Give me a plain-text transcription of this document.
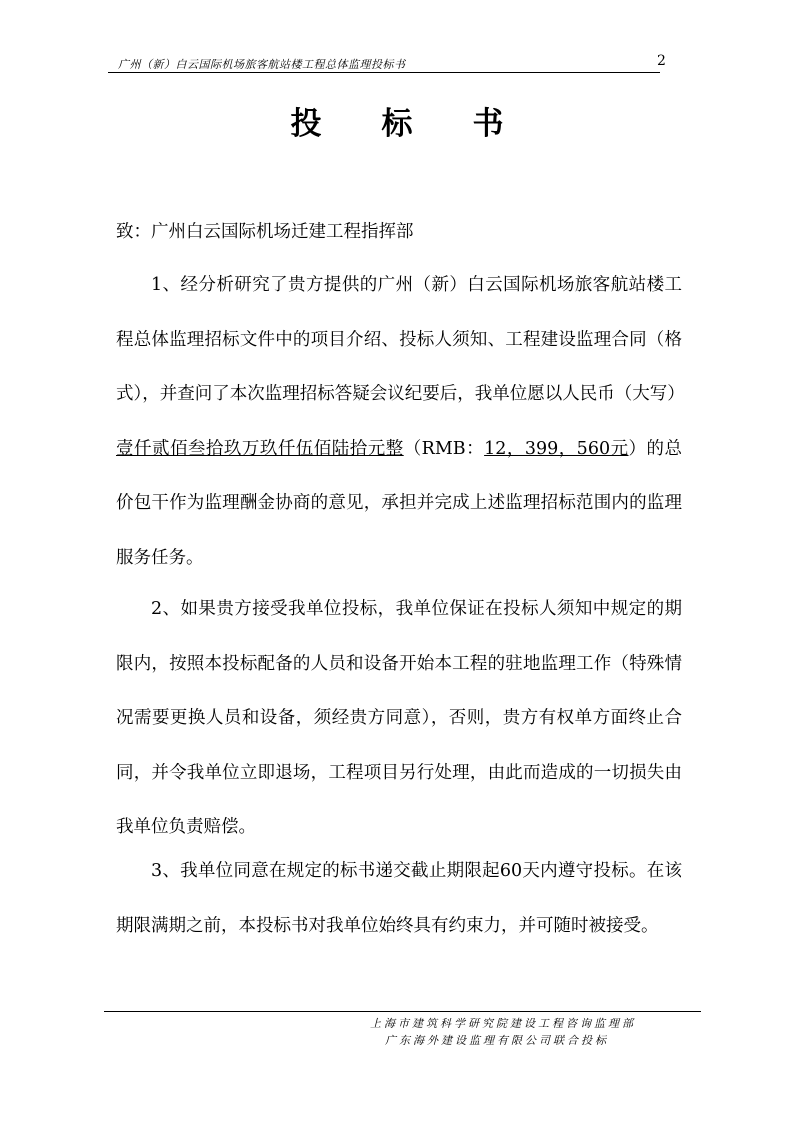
广州（新）白云国际机场旅客航站楼工程总体监理投标书	2
投 标 书
致：广州白云国际机场迁建工程指挥部
1、经分析研究了贵方提供的广州（新）白云国际机场旅客航站楼工程总体监理招标文件中的项目介绍、投标人须知、工程建设监理合同（格式），并查问了本次监理招标答疑会议纪要后，我单位愿以人民币（大写）壹仟贰佰叁拾玖万玖仟伍佰陆拾元整（RMB：12，399，560元）的总价包干作为监理酬金协商的意见，承担并完成上述监理招标范围内的监理服务任务。
2、如果贵方接受我单位投标，我单位保证在投标人须知中规定的期限内，按照本投标配备的人员和设备开始本工程的驻地监理工作（特殊情况需要更换人员和设备，须经贵方同意），否则，贵方有权单方面终止合同，并令我单位立即退场，工程项目另行处理，由此而造成的一切损失由我单位负责赔偿。
3、我单位同意在规定的标书递交截止期限起60天内遵守投标。在该期限满期之前，本投标书对我单位始终具有约束力，并可随时被接受。
上海市建筑科学研究院建设工程咨询监理部
广东海外建设监理有限公司联合投标
